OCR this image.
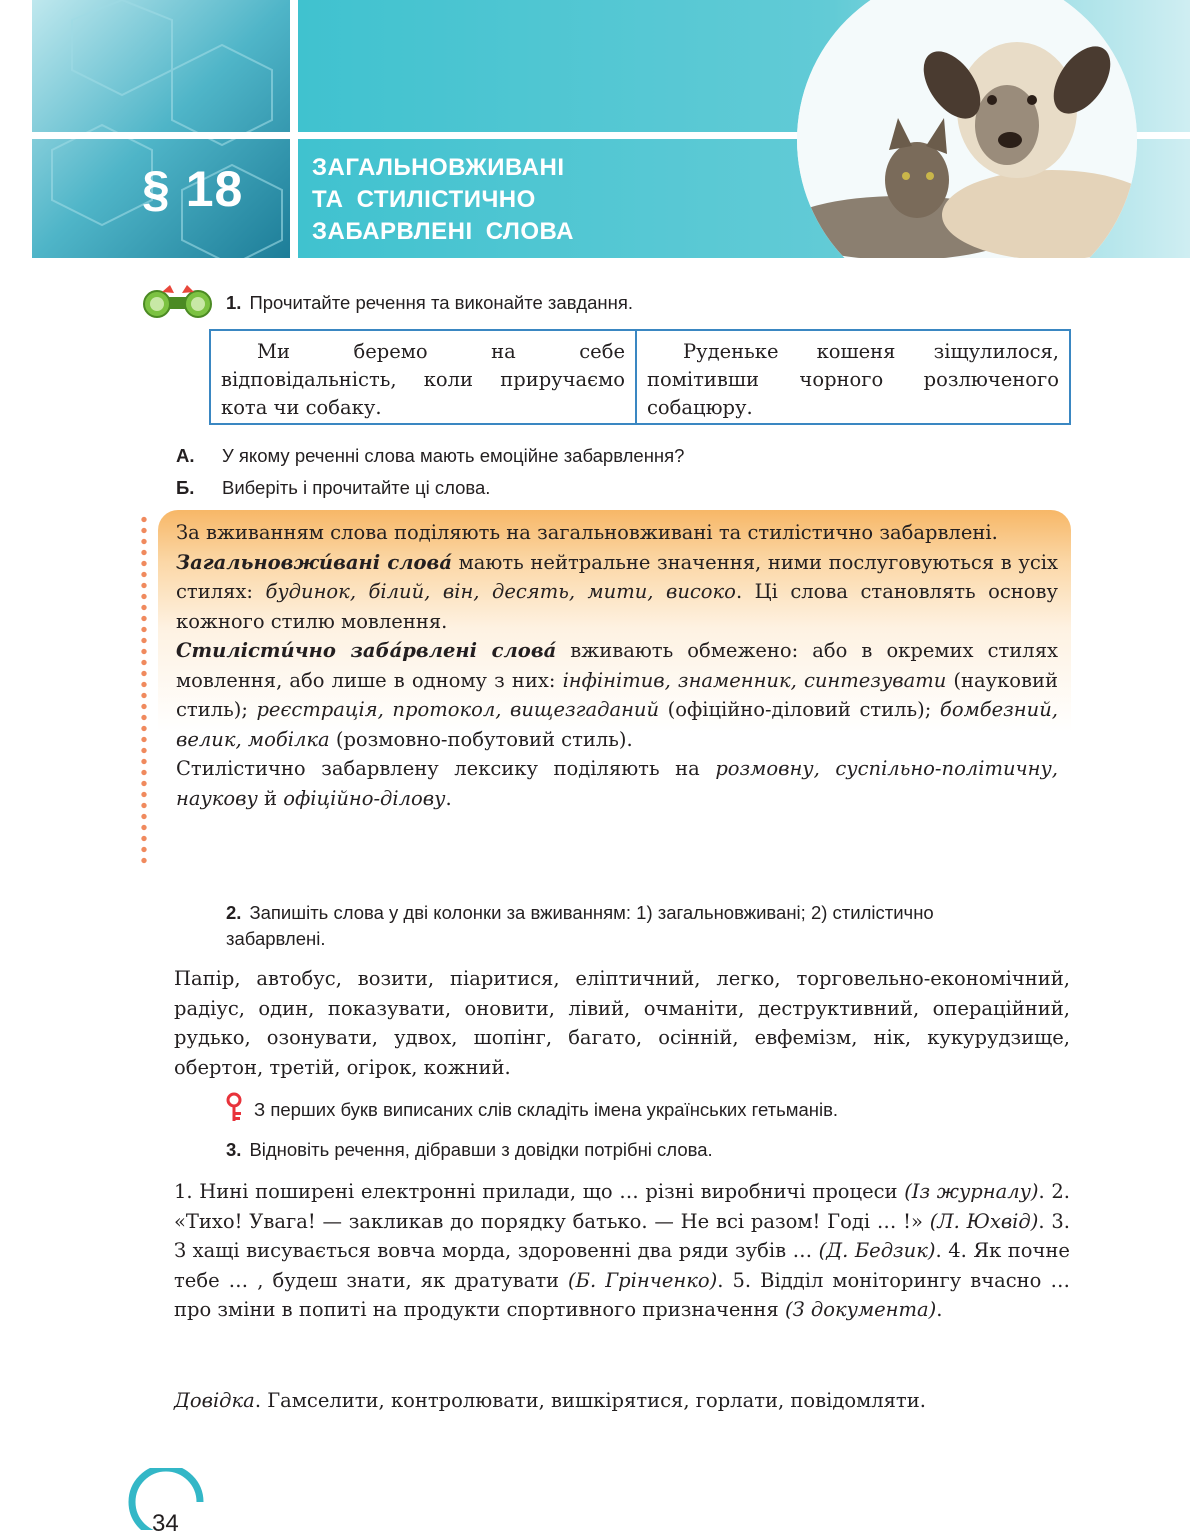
§ 18	ЗАГАЛЬНОВЖИВАНІ
ТА СТИЛІСТИЧНО
ЗАБАРВЛЕНІ СЛОВА
1. Прочитайте речення та виконайте завдання.
Ми беремо на себе відповідальність, коли приручаємо кота чи собаку.
Руденьке кошеня зіщулилося, помітивши чорного розлюченого собацюру.
А. У якому реченні слова мають емоційне забарвлення?
Б. Виберіть і прочитайте ці слова.

За вживанням слова поділяють на загальновживані та стилістично забарвлені.

Загальновжи́вані слова́ мають нейтральне значення, ними послуговуються в усіх стилях: будинок, білий, він, десять, мити, високо. Ці слова становлять основу кожного стилю мовлення.

Стилісти́чно заба́рвлені слова́ вживають обмежено: або в окремих стилях мовлення, або лише в одному з них: інфінітив, знаменник, синтезувати (науковий стиль); реєстрація, протокол, вищезгаданий (офіційно-діловий стиль); бомбезний, велик, мобілка (розмовно-побутовий стиль).

Стилістично забарвлену лексику поділяють на розмовну, суспільно-політичну, наукову й офіційно-ділову.

2. Запишіть слова у дві колонки за вживанням: 1) загальновживані; 2) стилістично забарвлені.

Папір, автобус, возити, піаритися, еліптичний, легко, торговельно-економічний, радіус, один, показувати, оновити, лівий, очманіти, деструктивний, операційний, рудько, озонувати, удвох, шопінг, багато, осінній, евфемізм, нік, кукурудзище, обертон, третій, огірок, кожний.

З перших букв виписаних слів складіть імена українських гетьманів.
3. Відновіть речення, дібравши з довідки потрібні слова.

1. Нині поширені електронні прилади, що … різні виробничі процеси (Із журналу). 2. «Тихо! Увага! — закликав до порядку батько. — Не всі разом! Годі … !» (Л. Юхвід). 3. З хащі висувається вовча морда, здоровенні два ряди зубів … (Д. Бедзик). 4. Як почне тебе … , будеш знати, як дратувати (Б. Грінченко). 5. Відділ моніторингу вчасно … про зміни в попиті на продукти спортивного призначення (З документа).

Довідка. Гамселити, контролювати, вишкірятися, горлати, повідомляти.

34
